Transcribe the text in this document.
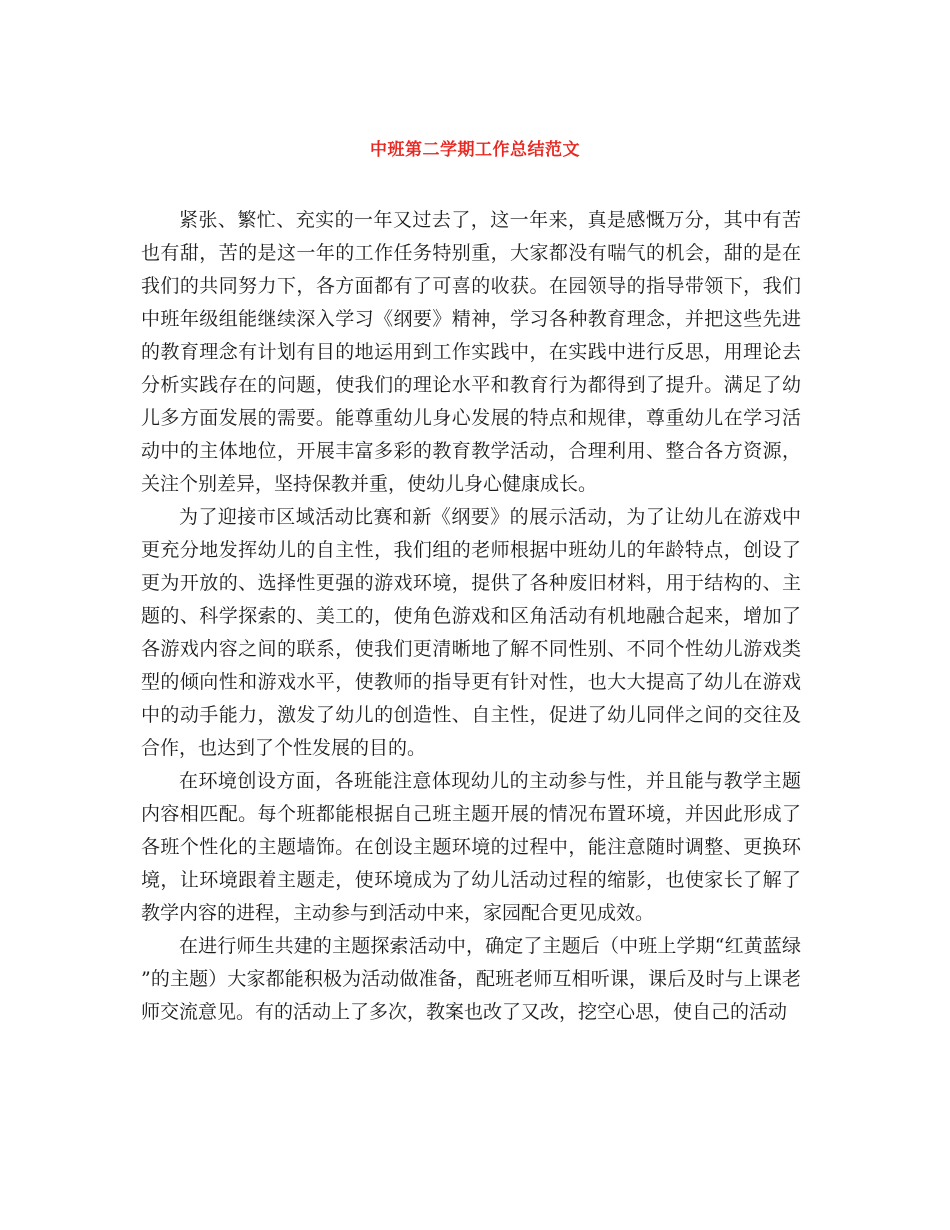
中班第二学期工作总结范文

紧张、繁忙、充实的一年又过去了，这一年来，真是感慨万分，其中有苦也有甜，苦的是这一年的工作任务特别重，大家都没有喘气的机会，甜的是在我们的共同努力下，各方面都有了可喜的收获。在园领导的指导带领下，我们中班年级组能继续深入学习《纲要》精神，学习各种教育理念，并把这些先进的教育理念有计划有目的地运用到工作实践中，在实践中进行反思，用理论去分析实践存在的问题，使我们的理论水平和教育行为都得到了提升。满足了幼儿多方面发展的需要。能尊重幼儿身心发展的特点和规律，尊重幼儿在学习活动中的主体地位，开展丰富多彩的教育教学活动，合理利用、整合各方资源，关注个别差异，坚持保教并重，使幼儿身心健康成长。

为了迎接市区域活动比赛和新《纲要》的展示活动，为了让幼儿在游戏中更充分地发挥幼儿的自主性，我们组的老师根据中班幼儿的年龄特点，创设了更为开放的、选择性更强的游戏环境，提供了各种废旧材料，用于结构的、主题的、科学探索的、美工的，使角色游戏和区角活动有机地融合起来，增加了各游戏内容之间的联系，使我们更清晰地了解不同性别、不同个性幼儿游戏类型的倾向性和游戏水平，使教师的指导更有针对性，也大大提高了幼儿在游戏中的动手能力，激发了幼儿的创造性、自主性，促进了幼儿同伴之间的交往及合作，也达到了个性发展的目的。

在环境创设方面，各班能注意体现幼儿的主动参与性，并且能与教学主题内容相匹配。每个班都能根据自己班主题开展的情况布置环境，并因此形成了各班个性化的主题墙饰。在创设主题环境的过程中，能注意随时调整、更换环境，让环境跟着主题走，使环境成为了幼儿活动过程的缩影，也使家长了解了教学内容的进程，主动参与到活动中来，家园配合更见成效。

在进行师生共建的主题探索活动中，确定了主题后（中班上学期“红黄蓝绿”的主题）大家都能积极为活动做准备，配班老师互相听课，课后及时与上课老师交流意见。有的活动上了多次，教案也改了又改，挖空心思，使自己的活动
